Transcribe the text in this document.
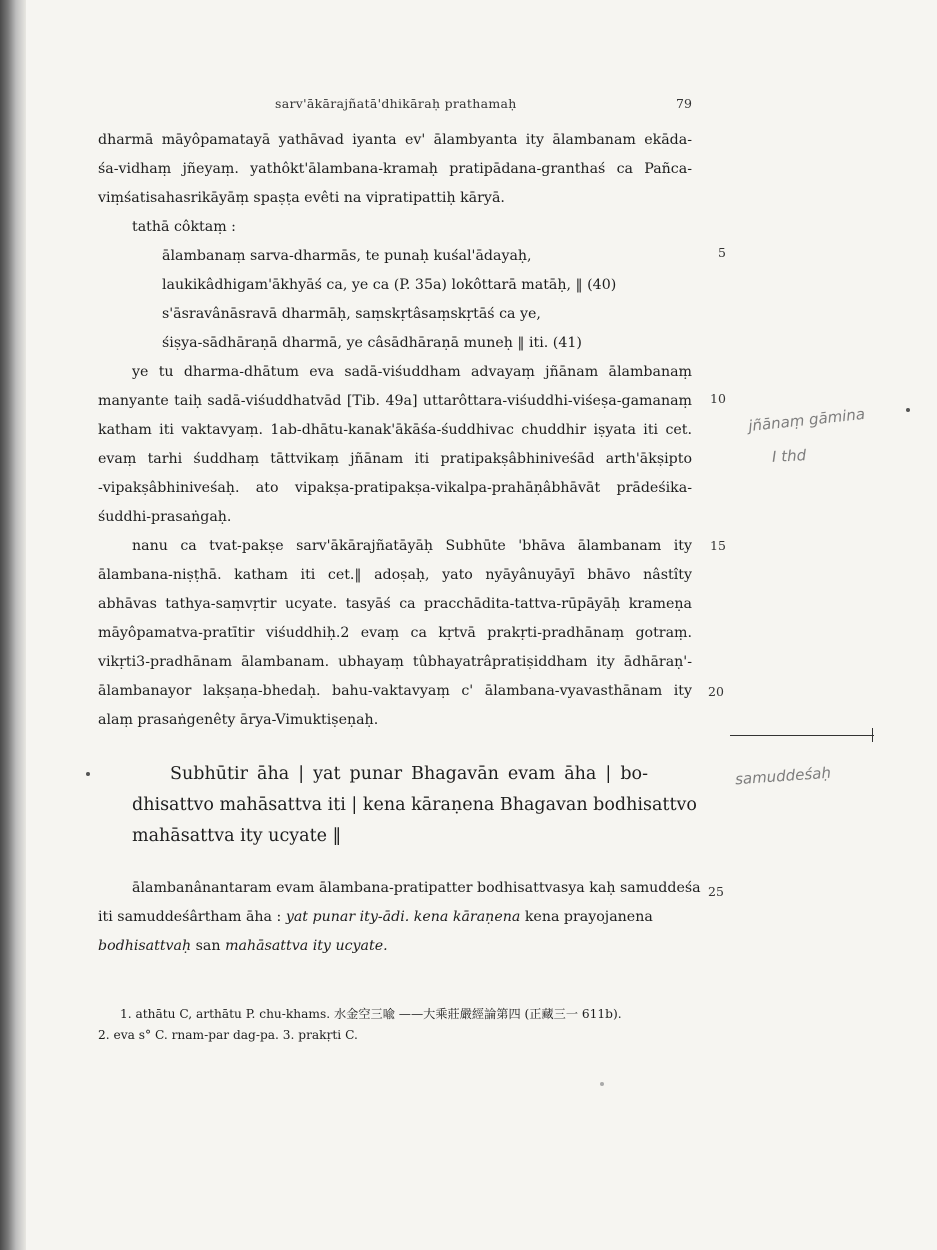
sarv'ākārajñatā'dhikāraḥ prathamaḥ	79
dharmā māyôpamatayā yathāvad iyanta ev' ālambyanta ity ālambanam ekāda-
śa-vidhaṃ jñeyaṃ. yathôkt'ālambana-kramaḥ pratipādana-granthaś ca Pañca-
viṃśatisahasrikāyāṃ spaṣṭa evêti na vipratipattiḥ kāryā.
tathā côktaṃ :
ālambanaṃ sarva-dharmās, te punaḥ kuśal'ādayaḥ,
laukikâdhigam'ākhyāś ca, ye ca (P. 35a) lokôttarā matāḥ, ‖ (40)
s'āsravânāsravā dharmāḥ, saṃskṛtâsaṃskṛtāś ca ye,
śiṣya-sādhāraṇā dharmā, ye câsādhāraṇā muneḥ ‖ iti. (41)
ye tu dharma-dhātum eva sadā-viśuddham advayaṃ jñānam ālambanaṃ
manyante taiḥ sadā-viśuddhatvād [Tib. 49a] uttarôttara-viśuddhi-viśeṣa-gamanaṃ
katham iti vaktavyaṃ. 1ab-dhātu-kanak'ākāśa-śuddhivac chuddhir iṣyata iti cet.
evaṃ tarhi śuddhaṃ tāttvikaṃ jñānam iti pratipakṣâbhiniveśād arth'ākṣipto
-vipakṣâbhiniveśaḥ. ato vipakṣa-pratipakṣa-vikalpa-prahāṇâbhāvāt prādeśika-
śuddhi-prasaṅgaḥ.
nanu ca tvat-pakṣe sarv'ākārajñatāyāḥ Subhūte 'bhāva ālambanam ity
ālambana-niṣṭhā. katham iti cet.‖ adoṣaḥ, yato nyāyânuyāyī bhāvo nâstîty
abhāvas tathya-saṃvṛtir ucyate. tasyāś ca pracchādita-tattva-rūpāyāḥ krameṇa
māyôpamatva-pratītir viśuddhiḥ.2 evaṃ ca kṛtvā prakṛti-pradhānaṃ gotraṃ.
vikṛti3-pradhānam ālambanam. ubhayaṃ tûbhayatrâpratiṣiddham ity ādhāraṇ'-
ālambanayor lakṣaṇa-bhedaḥ. bahu-vaktavyaṃ c' ālambana-vyavasthānam ity
alaṃ prasaṅgenêty ārya-Vimuktiṣeṇaḥ.
5
10
15
20
25
Subhūtir āha | yat punar Bhagavān evam āha | bo-
dhisattvo mahāsattva iti | kena kāraṇena Bhagavan bodhisattvo
mahāsattva ity ucyate ‖
ālambanânantaram evam ālambana-pratipatter bodhisattvasya kaḥ samuddeśa
iti samuddeśârtham āha : yat punar ity-ādi. kena kāraṇena kena prayojanena
bodhisattvaḥ san mahāsattva ity ucyate.
jñānaṃ gāmina
I thd
samuddeśaḥ
1. athātu C, arthātu P. chu-khams. 水金空三喩 ——大乘莊嚴經論第四 (正藏三一 611b).
2. eva s° C. rnam-par dag-pa. 3. prakṛti C.
